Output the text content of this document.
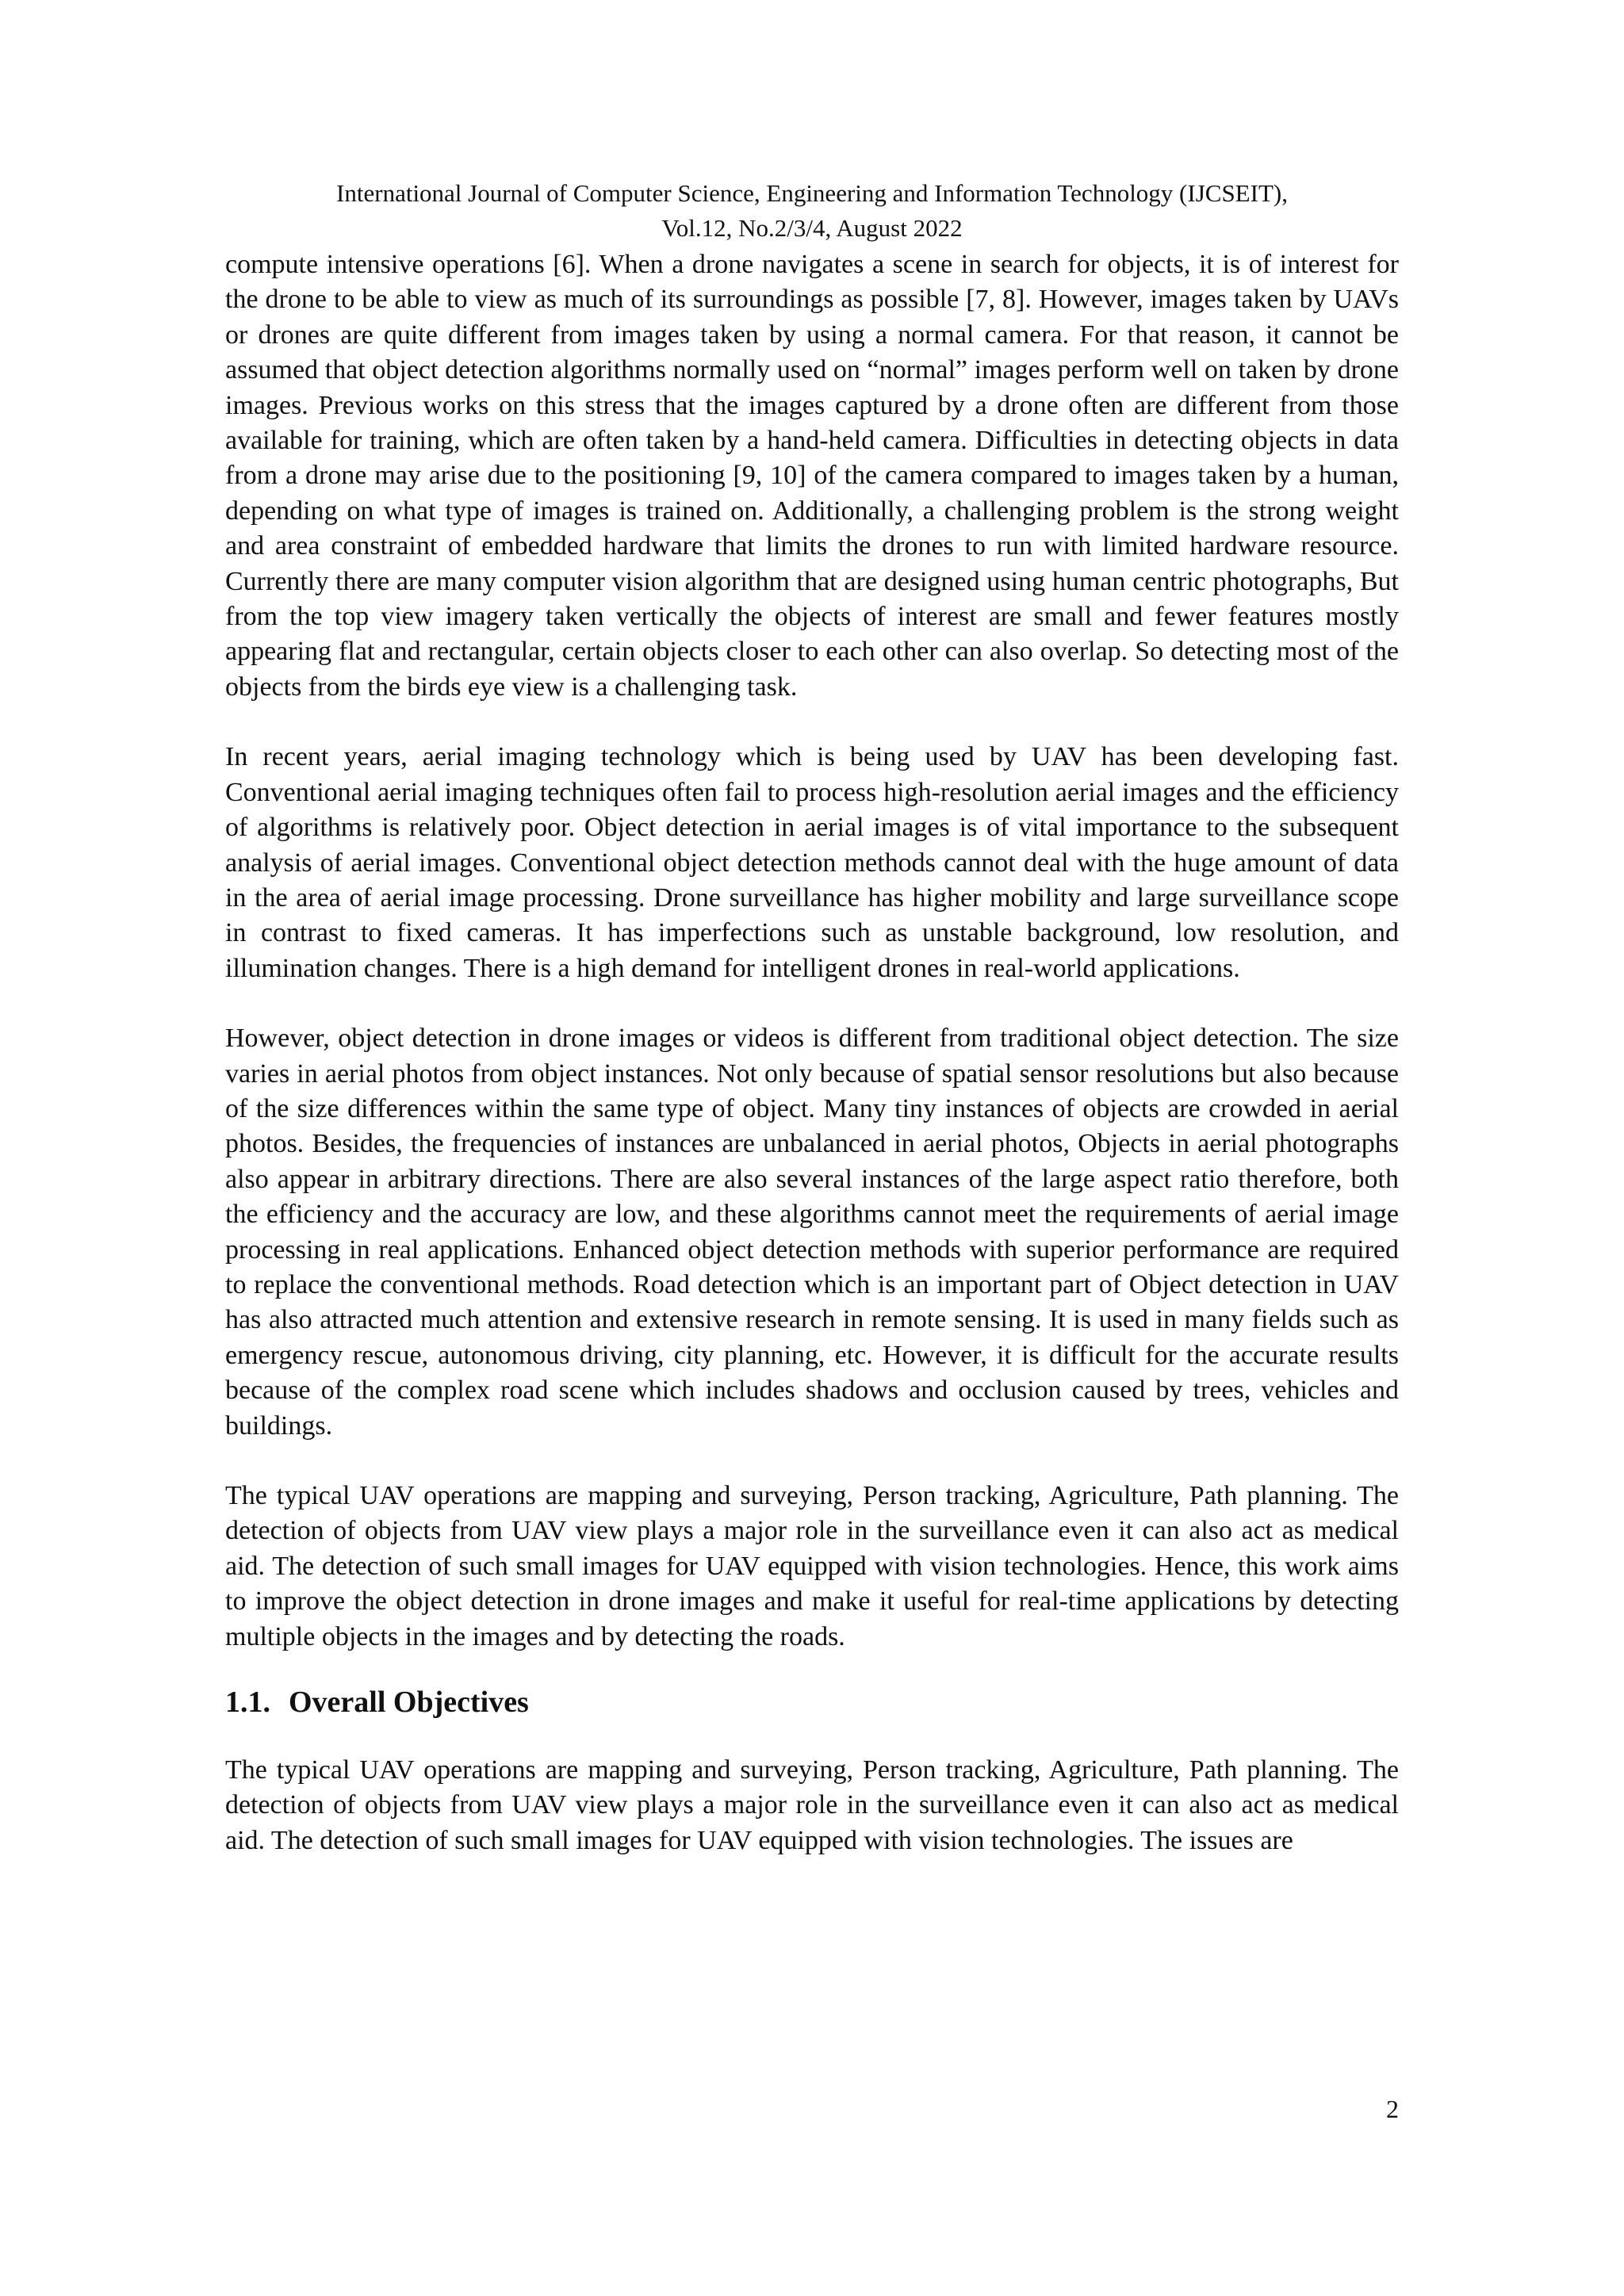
International Journal of Computer Science, Engineering and Information Technology (IJCSEIT),
Vol.12, No.2/3/4, August 2022

compute intensive operations [6]. When a drone navigates a scene in search for objects, it is of interest for the drone to be able to view as much of its surroundings as possible [7, 8]. However, images taken by UAVs or drones are quite different from images taken by using a normal camera. For that reason, it cannot be assumed that object detection algorithms normally used on “normal” images perform well on taken by drone images. Previous works on this stress that the images captured by a drone often are different from those available for training, which are often taken by a hand-held camera. Difficulties in detecting objects in data from a drone may arise due to the positioning [9, 10] of the camera compared to images taken by a human, depending on what type of images is trained on. Additionally, a challenging problem is the strong weight and area constraint of embedded hardware that limits the drones to run with limited hardware resource. Currently there are many computer vision algorithm that are designed using human centric photographs, But from the top view imagery taken vertically the objects of interest are small and fewer features mostly appearing flat and rectangular, certain objects closer to each other can also overlap. So detecting most of the objects from the birds eye view is a challenging task.

In recent years, aerial imaging technology which is being used by UAV has been developing fast. Conventional aerial imaging techniques often fail to process high-resolution aerial images and the efficiency of algorithms is relatively poor. Object detection in aerial images is of vital importance to the subsequent analysis of aerial images. Conventional object detection methods cannot deal with the huge amount of data in the area of aerial image processing. Drone surveillance has higher mobility and large surveillance scope in contrast to fixed cameras. It has imperfections such as unstable background, low resolution, and illumination changes. There is a high demand for intelligent drones in real-world applications.

However, object detection in drone images or videos is different from traditional object detection. The size varies in aerial photos from object instances. Not only because of spatial sensor resolutions but also because of the size differences within the same type of object. Many tiny instances of objects are crowded in aerial photos. Besides, the frequencies of instances are unbalanced in aerial photos, Objects in aerial photographs also appear in arbitrary directions. There are also several instances of the large aspect ratio therefore, both the efficiency and the accuracy are low, and these algorithms cannot meet the requirements of aerial image processing in real applications. Enhanced object detection methods with superior performance are required to replace the conventional methods. Road detection which is an important part of Object detection in UAV has also attracted much attention and extensive research in remote sensing. It is used in many fields such as emergency rescue, autonomous driving, city planning, etc. However, it is difficult for the accurate results because of the complex road scene which includes shadows and occlusion caused by trees, vehicles and buildings.

The typical UAV operations are mapping and surveying, Person tracking, Agriculture, Path planning. The detection of objects from UAV view plays a major role in the surveillance even it can also act as medical aid. The detection of such small images for UAV equipped with vision technologies. Hence, this work aims to improve the object detection in drone images and make it useful for real-time applications by detecting multiple objects in the images and by detecting the roads.

1.1. Overall Objectives

The typical UAV operations are mapping and surveying, Person tracking, Agriculture, Path planning. The detection of objects from UAV view plays a major role in the surveillance even it can also act as medical aid. The detection of such small images for UAV equipped with vision technologies. The issues are

2
